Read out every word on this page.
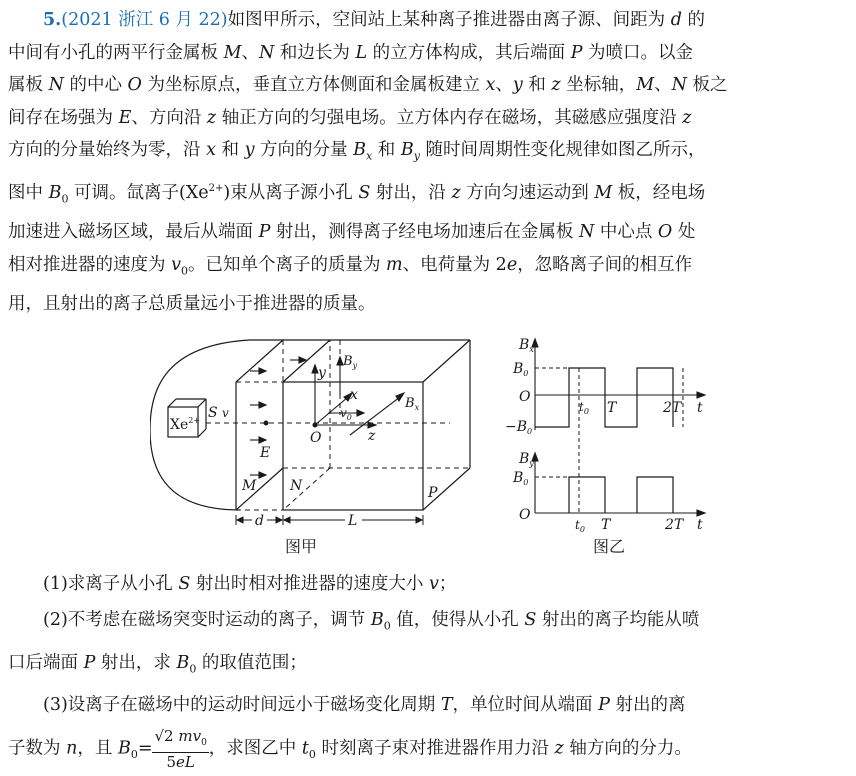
5.(2021 浙江 6 月 22)如图甲所示，空间站上某种离子推进器由离子源、间距为 d 的
中间有小孔的两平行金属板 M、N 和边长为 L 的立方体构成，其后端面 P 为喷口。以金
属板 N 的中心 O 为坐标原点，垂直立方体侧面和金属板建立 x、y 和 z 坐标轴，M、N 板之
间存在场强为 E、方向沿 z 轴正方向的匀强电场。立方体内存在磁场，其磁感应强度沿 z
方向的分量始终为零，沿 x 和 y 方向的分量 $B_x$ 和 $B_y$ 随时间周期性变化规律如图乙所示，
图中 $B_0$ 可调。氙离子$(Xe^{2+})$束从离子源小孔 S 射出，沿 z 方向匀速运动到 M 板，经电场
加速进入磁场区域，最后从端面 P 射出，测得离子经电场加速后在金属板 N 中心点 O 处
相对推进器的速度为 $v_0$。已知单个离子的质量为 m、电荷量为 2e，忽略离子间的相互作
用，且射出的离子总质量远小于推进器的质量。
$Xe^{2+}$ S v
y
x
z
O
$v_0$
$B_y$
$B_x$
E
M N	P
d	L
图甲
$B_x$
$B_0$
O
$-B_0$
$t_0$ T	2T t
$B_y$
$B_0$
O
$t_0$ T	2T t
图乙

(1)求离子从小孔 S 射出时相对推进器的速度大小 v；

(2)不考虑在磁场突变时运动的离子，调节 $B_0$ 值，使得从小孔 S 射出的离子均能从喷

口后端面 P 射出，求 $B_0$ 的取值范围；

(3)设离子在磁场中的运动时间远小于磁场变化周期 T，单位时间从端面 P 射出的离

子数为 n，且 $B_0= \frac{√2 mv_0}{5eL}$ ，求图乙中 $t_0$ 时刻离子束对推进器作用力沿 z 轴方向的分力。
